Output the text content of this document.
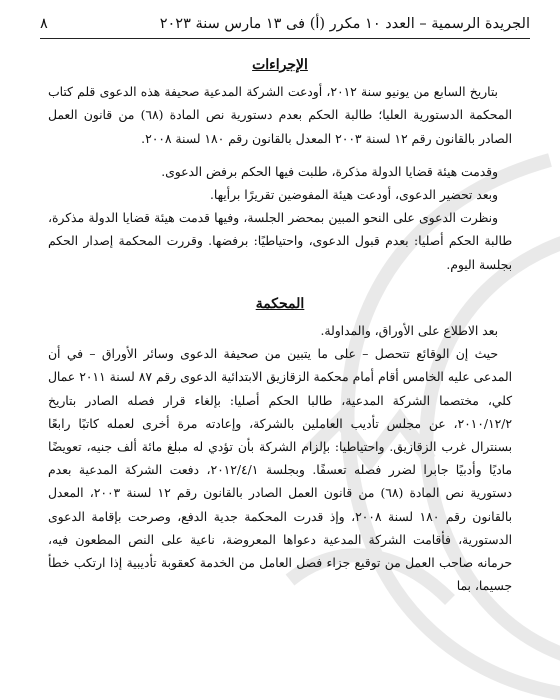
الجريدة الرسمية – العدد ١٠ مكرر (أ) فى ١٣ مارس سنة ٢٠٢٣
٨
الإجراءات

بتاريخ السابع من يونيو سنة ٢٠١٢، أودعت الشركة المدعية صحيفة هذه الدعوى قلم كتاب المحكمة الدستورية العليا؛ طالبة الحكم بعدم دستورية نص المادة (٦٨) من قانون العمل الصادر بالقانون رقم ١٢ لسنة ٢٠٠٣ المعدل بالقانون رقم ١٨٠ لسنة ٢٠٠٨.

وقدمت هيئة قضايا الدولة مذكرة، طلبت فيها الحكم برفض الدعوى.

وبعد تحضير الدعوى، أودعت هيئة المفوضين تقريرًا برأيها.

ونظرت الدعوى على النحو المبين بمحضر الجلسة، وفيها قدمت هيئة قضايا الدولة مذكرة، طالبة الحكم أصليا: بعدم قبول الدعوى، واحتياطيًا: برفضها. وقررت المحكمة إصدار الحكم بجلسة اليوم.

المحكمة

بعد الاطلاع على الأوراق، والمداولة.

حيث إن الوقائع تتحصل – على ما يتبين من صحيفة الدعوى وسائر الأوراق – في أن المدعى عليه الخامس أقام أمام محكمة الزقازيق الابتدائية الدعوى رقم ٨٧ لسنة ٢٠١١ عمال كلي، مختصما الشركة المدعية، طالبا الحكم أصليا: بإلغاء قرار فصله الصادر بتاريخ ٢٠١٠/١٢/٢، عن مجلس تأديب العاملين بالشركة، وإعادته مرة أخرى لعمله كاتبًا رابعًا بسنترال غرب الزقازيق. واحتياطيا: بإلزام الشركة بأن تؤدي له مبلغ مائة ألف جنيه، تعويضًا ماديًا وأدبيًا جابرا لضرر فصله تعسفًا. وبجلسة ٢٠١٢/٤/١، دفعت الشركة المدعية بعدم دستورية نص المادة (٦٨) من قانون العمل الصادر بالقانون رقم ١٢ لسنة ٢٠٠٣، المعدل بالقانون رقم ١٨٠ لسنة ٢٠٠٨، وإذ قدرت المحكمة جدية الدفع، وصرحت بإقامة الدعوى الدستورية، فأقامت الشركة المدعية دعواها المعروضة، ناعية على النص المطعون فيه، حرمانه صاحب العمل من توقيع جزاء فصل العامل من الخدمة كعقوبة تأديبية إذا ارتكب خطأ جسيما، بما
